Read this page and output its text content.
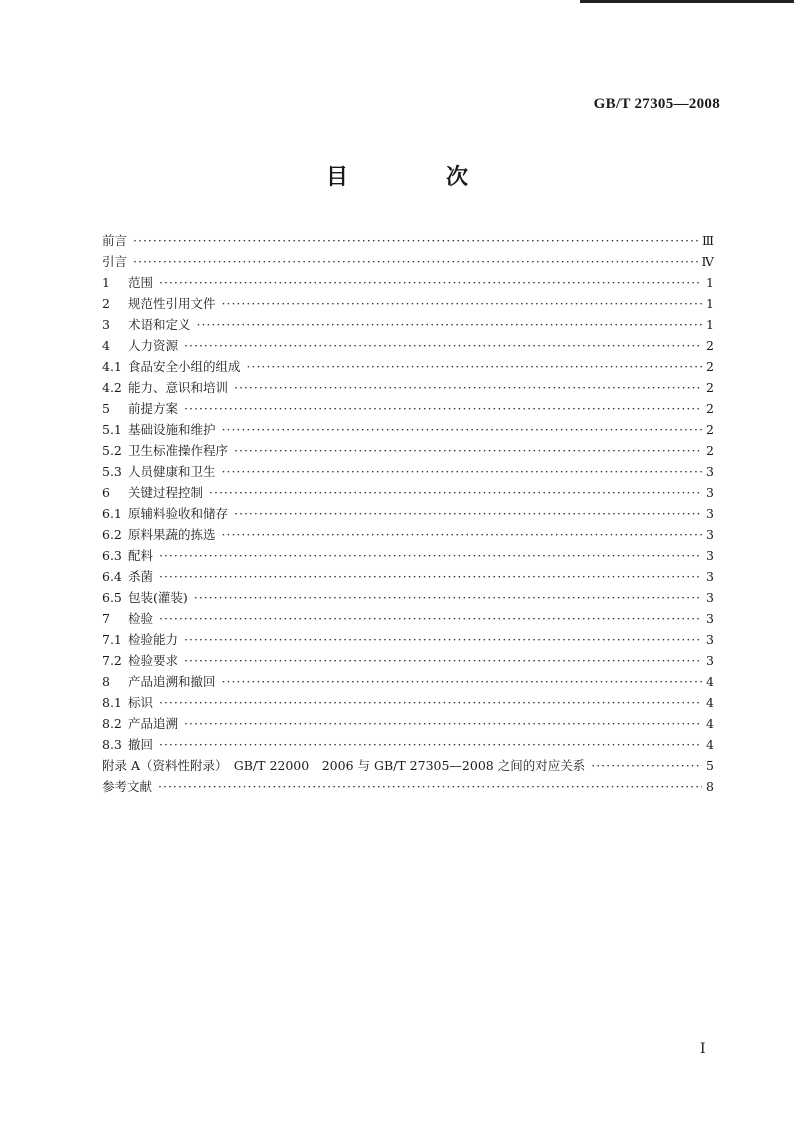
GB/T 27305—2008
目　次
前言 ·····	Ⅲ
引言 ·····	Ⅳ
1	范围 ·····	1
2	规范性引用文件 ·····	1
3	术语和定义 ·····	1
4	人力资源 ·····	2
4.1 食品安全小组的组成 ·····	2
4.2 能力、意识和培训 ·····	2
5	前提方案 ·····	2
5.1 基础设施和维护 ·····	2
5.2 卫生标准操作程序 ·····	2
5.3 人员健康和卫生 ·····	3
6	关键过程控制 ·····	3
6.1 原辅料验收和储存 ·····	3
6.2 原料果蔬的拣选 ·····	3
6.3 配料 ·····	3
6.4 杀菌 ·····	3
6.5 包装(灌装) ·····	3
7	检验 ·····	3
7.1 检验能力 ·····	3
7.2 检验要求 ·····	3
8	产品追溯和撤回 ·····	4
8.1 标识 ·····	4
8.2 产品追溯 ·····	4
8.3 撤回 ·····	4
附录 A（资料性附录）　GB/T 22000　2006 与 GB/T 27305—2008 之间的对应关系 ·····	5
参考文献 ·····	8
I
